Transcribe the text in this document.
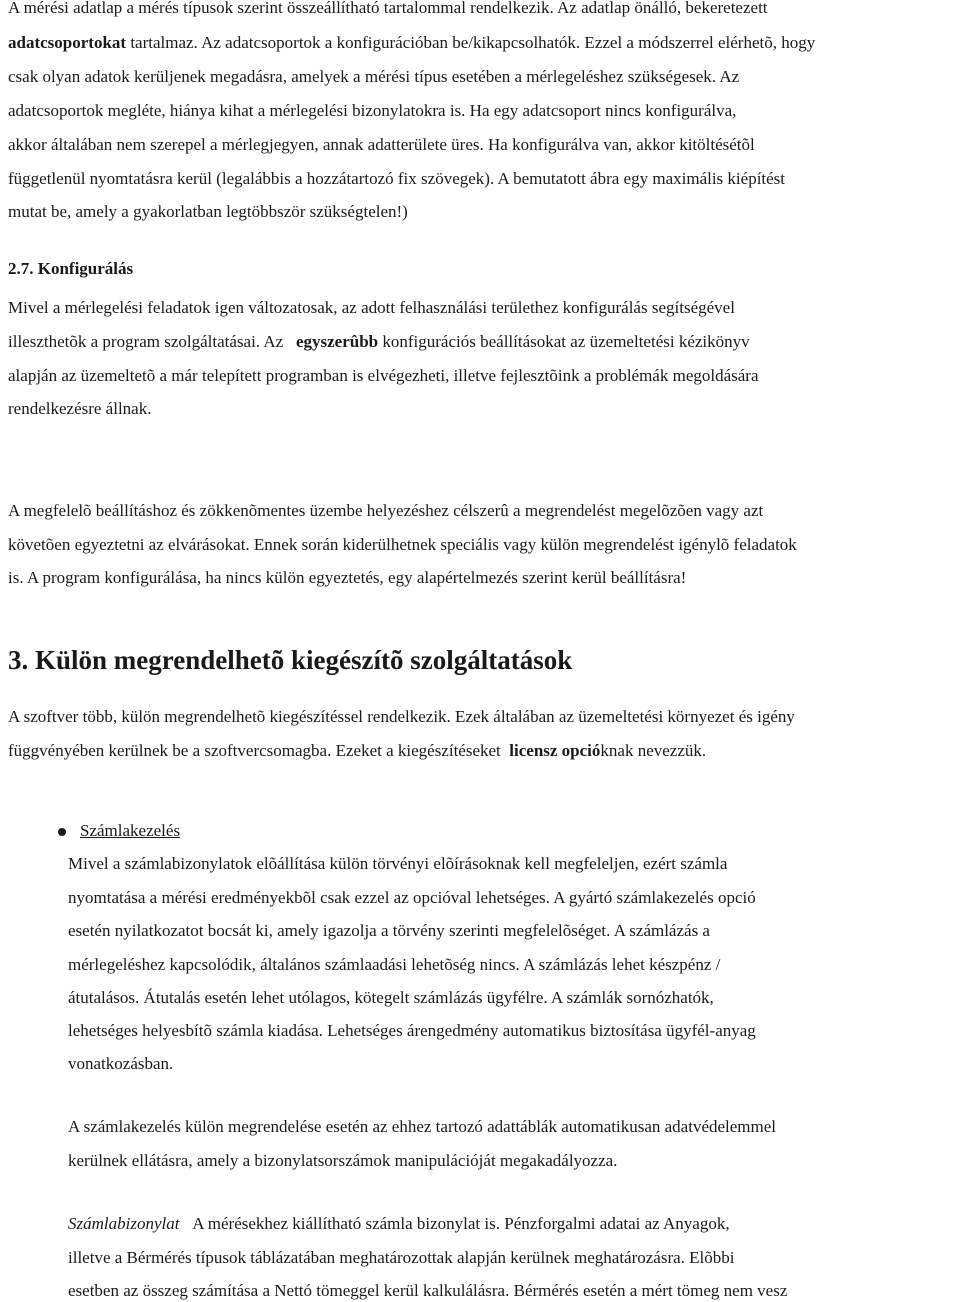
A mérési adatlap a mérés típusok szerint összeállítható tartalommal rendelkezik. Az adatlap önálló, bekeretezett
adatcsoportokat tartalmaz. Az adatcsoportok a konfigurációban be/kikapcsolhatók. Ezzel a módszerrel elérhetõ, hogy
csak olyan adatok kerüljenek megadásra, amelyek a mérési típus esetében a mérlegeléshez szükségesek. Az
adatcsoportok megléte, hiánya kihat a mérlegelési bizonylatokra is. Ha egy adatcsoport nincs konfigurálva,
akkor általában nem szerepel a mérlegjegyen, annak adatterülete üres. Ha konfigurálva van, akkor kitöltésétõl
függetlenül nyomtatásra kerül (legalábbis a hozzátartozó fix szövegek). A bemutatott ábra egy maximális kiépítést
mutat be, amely a gyakorlatban legtöbbször szükségtelen!)
2.7. Konfigurálás
Mivel a mérlegelési feladatok igen változatosak, az adott felhasználási területhez konfigurálás segítségével
illeszthetõk a program szolgáltatásai. Az egyszerûbb konfigurációs beállításokat az üzemeltetési kézikönyv
alapján az üzemeltetõ a már telepített programban is elvégezheti, illetve fejlesztõink a problémák megoldására
rendelkezésre állnak.
A megfelelõ beállításhoz és zökkenõmentes üzembe helyezéshez célszerû a megrendelést megelõzõen vagy azt
követõen egyeztetni az elvárásokat. Ennek során kiderülhetnek speciális vagy külön megrendelést igénylõ feladatok
is. A program konfigurálása, ha nincs külön egyeztetés, egy alapértelmezés szerint kerül beállításra!
3. Külön megrendelhetõ kiegészítõ szolgáltatások
A szoftver több, külön megrendelhetõ kiegészítéssel rendelkezik. Ezek általában az üzemeltetési környezet és igény
függvényében kerülnek be a szoftvercsomagba. Ezeket a kiegészítéseket licensz opcióknak nevezzük.
Számlakezelés
Mivel a számlabizonylatok elõállítása külön törvényi elõírásoknak kell megfeleljen, ezért számla
nyomtatása a mérési eredményekbõl csak ezzel az opcióval lehetséges. A gyártó számlakezelés opció
esetén nyilatkozatot bocsát ki, amely igazolja a törvény szerinti megfelelõséget. A számlázás a
mérlegeléshez kapcsolódik, általános számlaadási lehetõség nincs. A számlázás lehet készpénz /
átutalásos. Átutalás esetén lehet utólagos, kötegelt számlázás ügyfélre. A számlák sornózhatók,
lehetséges helyesbítõ számla kiadása. Lehetséges árengedmény automatikus biztosítása ügyfél-anyag
vonatkozásban.
A számlakezelés külön megrendelése esetén az ehhez tartozó adattáblák automatikusan adatvédelemmel
kerülnek ellátásra, amely a bizonylatsorszámok manipulációját megakadályozza.
Számlabizonylat A mérésekhez kiállítható számla bizonylat is. Pénzforgalmi adatai az Anyagok,
illetve a Bérmérés típusok táblázatában meghatározottak alapján kerülnek meghatározásra. Elõbbi
esetben az összeg számítása a Nettó tömeggel kerül kalkulálásra. Bérmérés esetén a mért tömeg nem vesz
